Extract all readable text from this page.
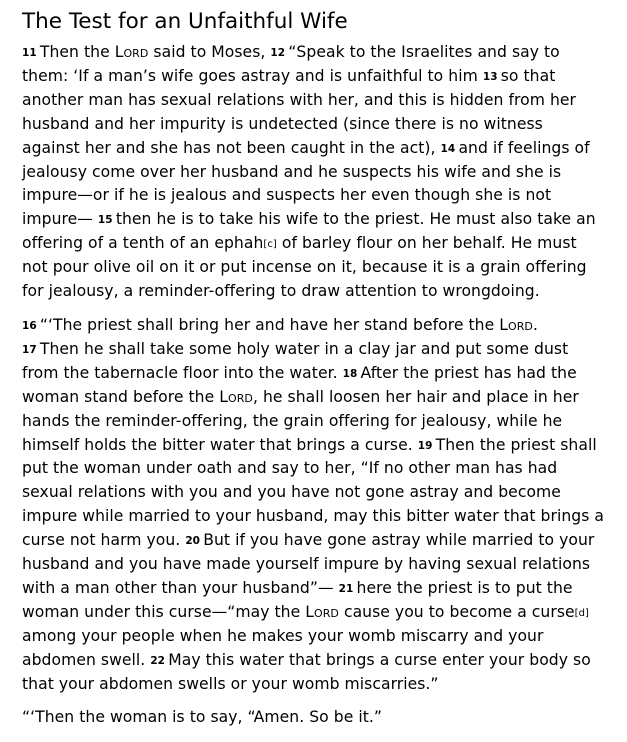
The Test for an Unfaithful Wife

$^{11}$  Then the Lord said to Moses, $^{12}$  “Speak to the Israelites and say to them: ‘If a man’s wife goes astray and is unfaithful to him $^{13}$  so that another man has sexual relations with her, and this is hidden from her husband and her impurity is undetected (since there is no witness against her and she has not been caught in the act), $^{14}$  and if feelings of jealousy come over her husband and he suspects his wife and she is impure—or if he is jealous and suspects her even though she is not impure— $^{15}$  then he is to take his wife to the priest. He must also take an offering of a tenth of an ephah[c] of barley flour on her behalf. He must not pour olive oil on it or put incense on it, because it is a grain offering for jealousy, a reminder-offering to draw attention to wrongdoing.

$^{16}$  “‘The priest shall bring her and have her stand before the Lord.
$^{17}$  Then he shall take some holy water in a clay jar and put some dust from the tabernacle floor into the water. $^{18}$  After the priest has had the woman stand before the Lord, he shall loosen her hair and place in her hands the reminder-offering, the grain offering for jealousy, while he himself holds the bitter water that brings a curse. $^{19}$  Then the priest shall put the woman under oath and say to her, “If no other man has had sexual relations with you and you have not gone astray and become impure while married to your husband, may this bitter water that brings a curse not harm you. $^{20}$  But if you have gone astray while married to your husband and you have made yourself impure by having sexual relations with a man other than your husband”— $^{21}$  here the priest is to put the woman under this curse—“may the Lord cause you to become a curse[d] among your people when he makes your womb miscarry and your abdomen swell. $^{22}$  May this water that brings a curse enter your body so that your abdomen swells or your womb miscarries.”

“‘Then the woman is to say, “Amen. So be it.”
